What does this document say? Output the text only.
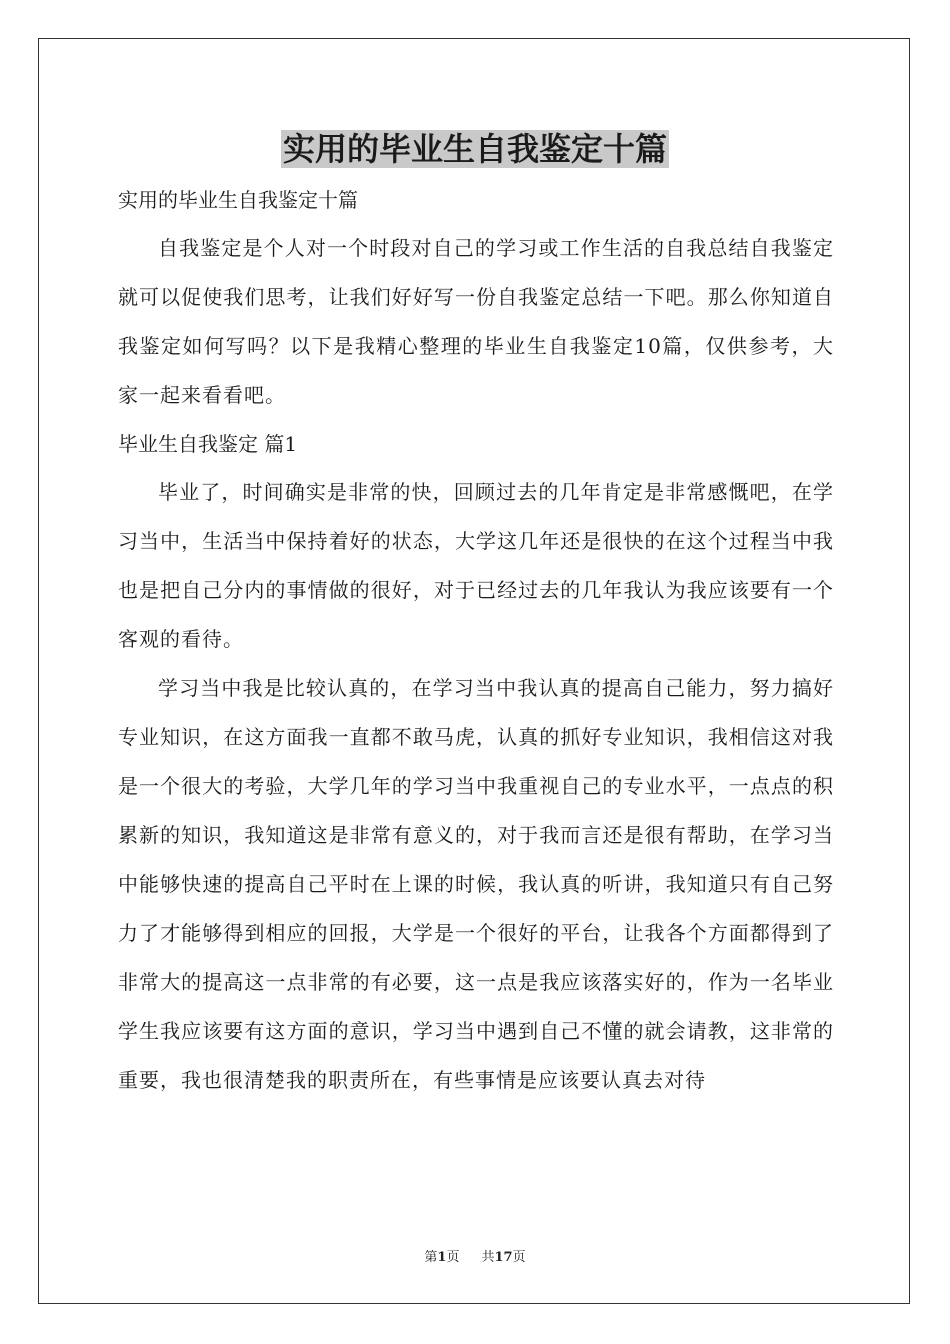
实用的毕业生自我鉴定十篇

实用的毕业生自我鉴定十篇

自我鉴定是个人对一个时段对自己的学习或工作生活的自我总结自我鉴定就可以促使我们思考，让我们好好写一份自我鉴定总结一下吧。那么你知道自我鉴定如何写吗？以下是我精心整理的毕业生自我鉴定10篇，仅供参考，大家一起来看看吧。

毕业生自我鉴定 篇1

毕业了，时间确实是非常的快，回顾过去的几年肯定是非常感慨吧，在学习当中，生活当中保持着好的状态，大学这几年还是很快的在这个过程当中我也是把自己分内的事情做的很好，对于已经过去的几年我认为我应该要有一个客观的看待。

学习当中我是比较认真的，在学习当中我认真的提高自己能力，努力搞好专业知识，在这方面我一直都不敢马虎，认真的抓好专业知识，我相信这对我是一个很大的考验，大学几年的学习当中我重视自己的专业水平，一点点的积累新的知识，我知道这是非常有意义的，对于我而言还是很有帮助，在学习当中能够快速的提高自己平时在上课的时候，我认真的听讲，我知道只有自己努力了才能够得到相应的回报，大学是一个很好的平台，让我各个方面都得到了非常大的提高这一点非常的有必要，这一点是我应该落实好的，作为一名毕业学生我应该要有这方面的意识，学习当中遇到自己不懂的就会请教，这非常的重要，我也很清楚我的职责所在，有些事情是应该要认真去对待

第1页 共17页
